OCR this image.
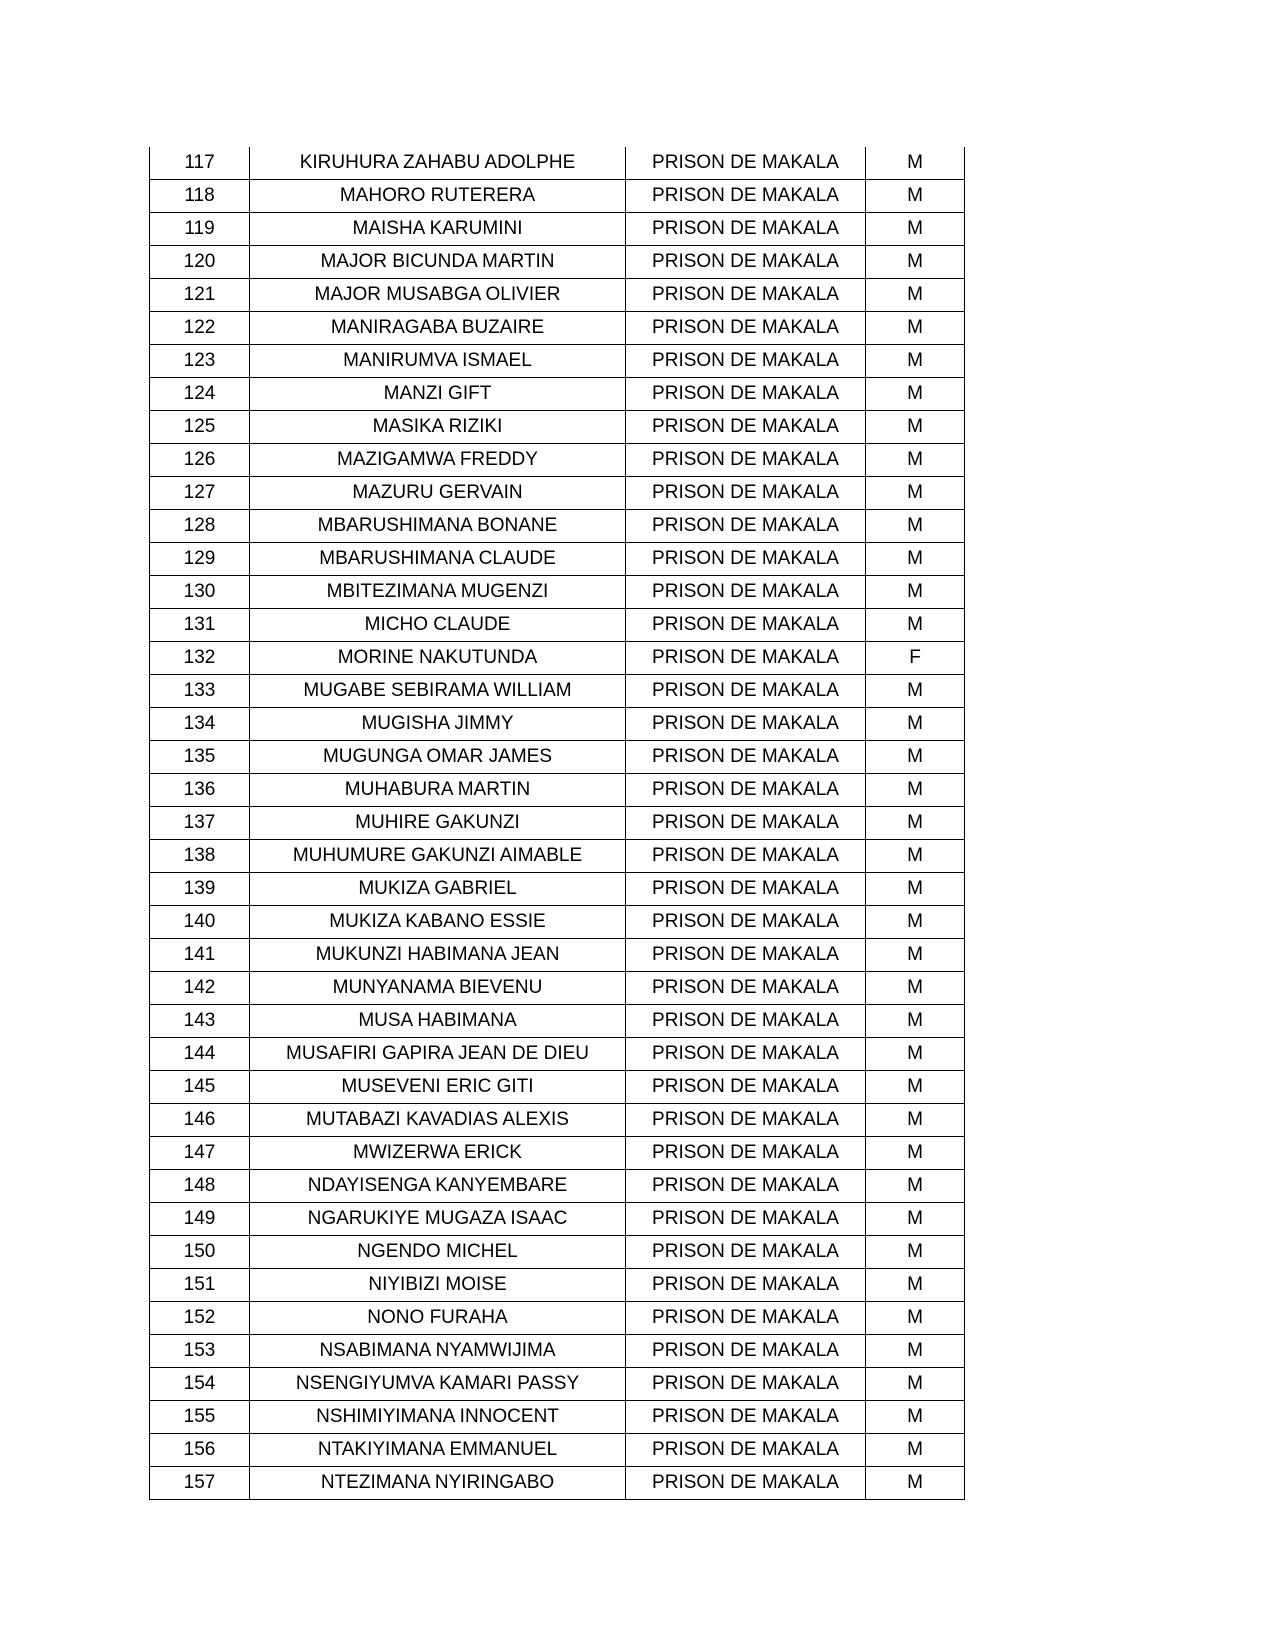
117	KIRUHURA ZAHABU ADOLPHE	PRISON DE MAKALA	M
118	MAHORO RUTERERA	PRISON DE MAKALA	M
119	MAISHA KARUMINI	PRISON DE MAKALA	M
120	MAJOR BICUNDA MARTIN	PRISON DE MAKALA	M
121	MAJOR MUSABGA OLIVIER	PRISON DE MAKALA	M
122	MANIRAGABA BUZAIRE	PRISON DE MAKALA	M
123	MANIRUMVA ISMAEL	PRISON DE MAKALA	M
124	MANZI GIFT	PRISON DE MAKALA	M
125	MASIKA RIZIKI	PRISON DE MAKALA	M
126	MAZIGAMWA FREDDY	PRISON DE MAKALA	M
127	MAZURU GERVAIN	PRISON DE MAKALA	M
128	MBARUSHIMANA BONANE	PRISON DE MAKALA	M
129	MBARUSHIMANA CLAUDE	PRISON DE MAKALA	M
130	MBITEZIMANA MUGENZI	PRISON DE MAKALA	M
131	MICHO CLAUDE	PRISON DE MAKALA	M
132	MORINE NAKUTUNDA	PRISON DE MAKALA	F
133	MUGABE SEBIRAMA WILLIAM	PRISON DE MAKALA	M
134	MUGISHA JIMMY	PRISON DE MAKALA	M
135	MUGUNGA OMAR JAMES	PRISON DE MAKALA	M
136	MUHABURA MARTIN	PRISON DE MAKALA	M
137	MUHIRE GAKUNZI	PRISON DE MAKALA	M
138	MUHUMURE GAKUNZI AIMABLE	PRISON DE MAKALA	M
139	MUKIZA GABRIEL	PRISON DE MAKALA	M
140	MUKIZA KABANO ESSIE	PRISON DE MAKALA	M
141	MUKUNZI HABIMANA JEAN	PRISON DE MAKALA	M
142	MUNYANAMA BIEVENU	PRISON DE MAKALA	M
143	MUSA HABIMANA	PRISON DE MAKALA	M
144	MUSAFIRI GAPIRA JEAN DE DIEU	PRISON DE MAKALA	M
145	MUSEVENI ERIC GITI	PRISON DE MAKALA	M
146	MUTABAZI KAVADIAS ALEXIS	PRISON DE MAKALA	M
147	MWIZERWA ERICK	PRISON DE MAKALA	M
148	NDAYISENGA KANYEMBARE	PRISON DE MAKALA	M
149	NGARUKIYE MUGAZA ISAAC	PRISON DE MAKALA	M
150	NGENDO MICHEL	PRISON DE MAKALA	M
151	NIYIBIZI MOISE	PRISON DE MAKALA	M
152	NONO FURAHA	PRISON DE MAKALA	M
153	NSABIMANA NYAMWIJIMA	PRISON DE MAKALA	M
154	NSENGIYUMVA KAMARI PASSY	PRISON DE MAKALA	M
155	NSHIMIYIMANA INNOCENT	PRISON DE MAKALA	M
156	NTAKIYIMANA EMMANUEL	PRISON DE MAKALA	M
157	NTEZIMANA NYIRINGABO	PRISON DE MAKALA	M
